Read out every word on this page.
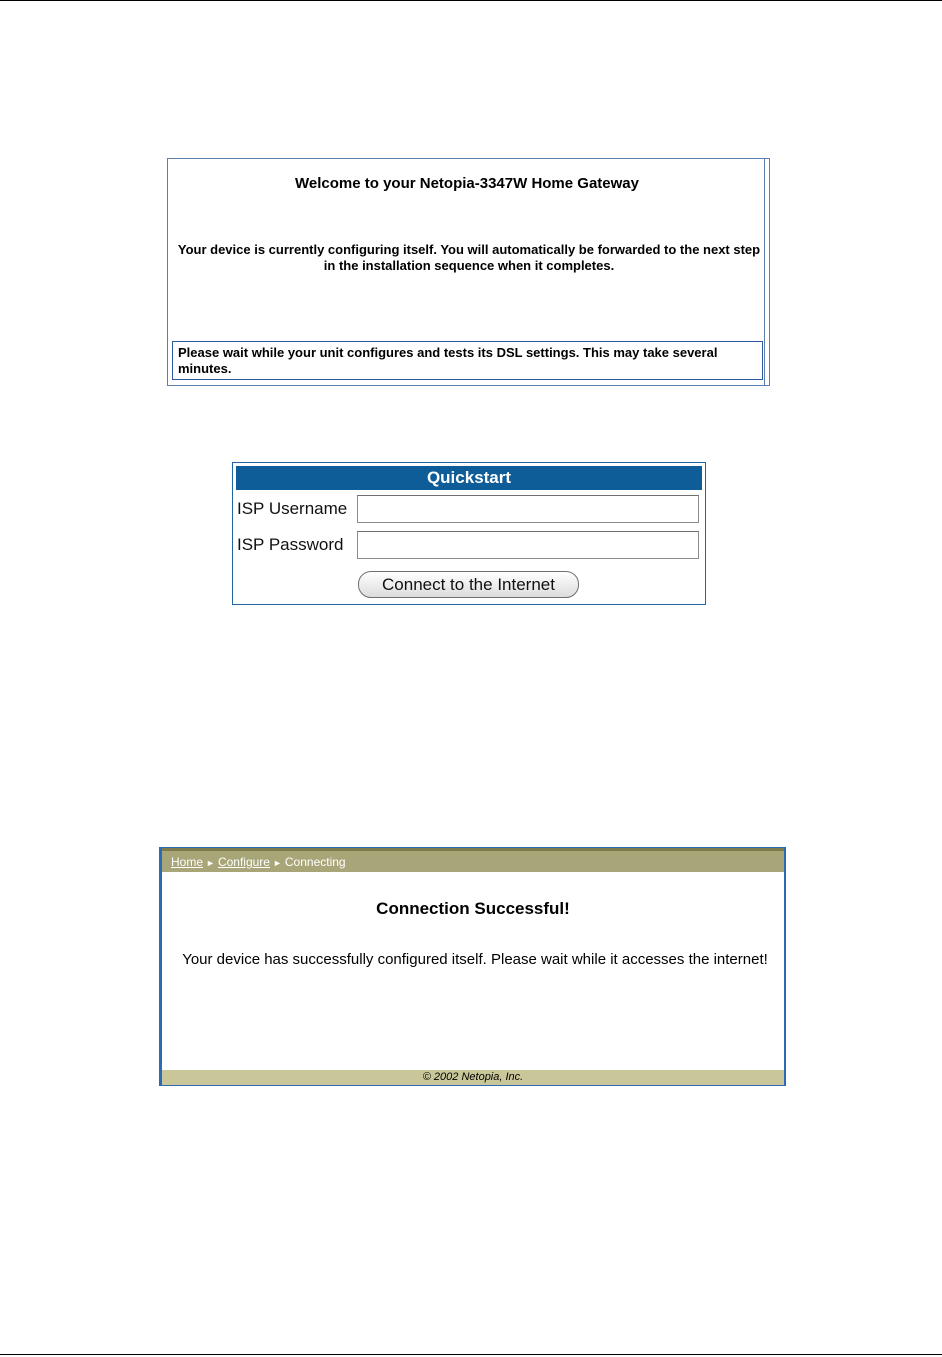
Welcome to your Netopia-3347W Home Gateway
Your device is currently configuring itself. You will automatically be forwarded to the next step in the installation sequence when it completes.
Please wait while your unit configures and tests its DSL settings. This may take several minutes.
Quickstart
ISP Username
ISP Password
Connect to the Internet
Home ► Configure ► Connecting
Connection Successful!
Your device has successfully configured itself. Please wait while it accesses the internet!
© 2002 Netopia, Inc.
